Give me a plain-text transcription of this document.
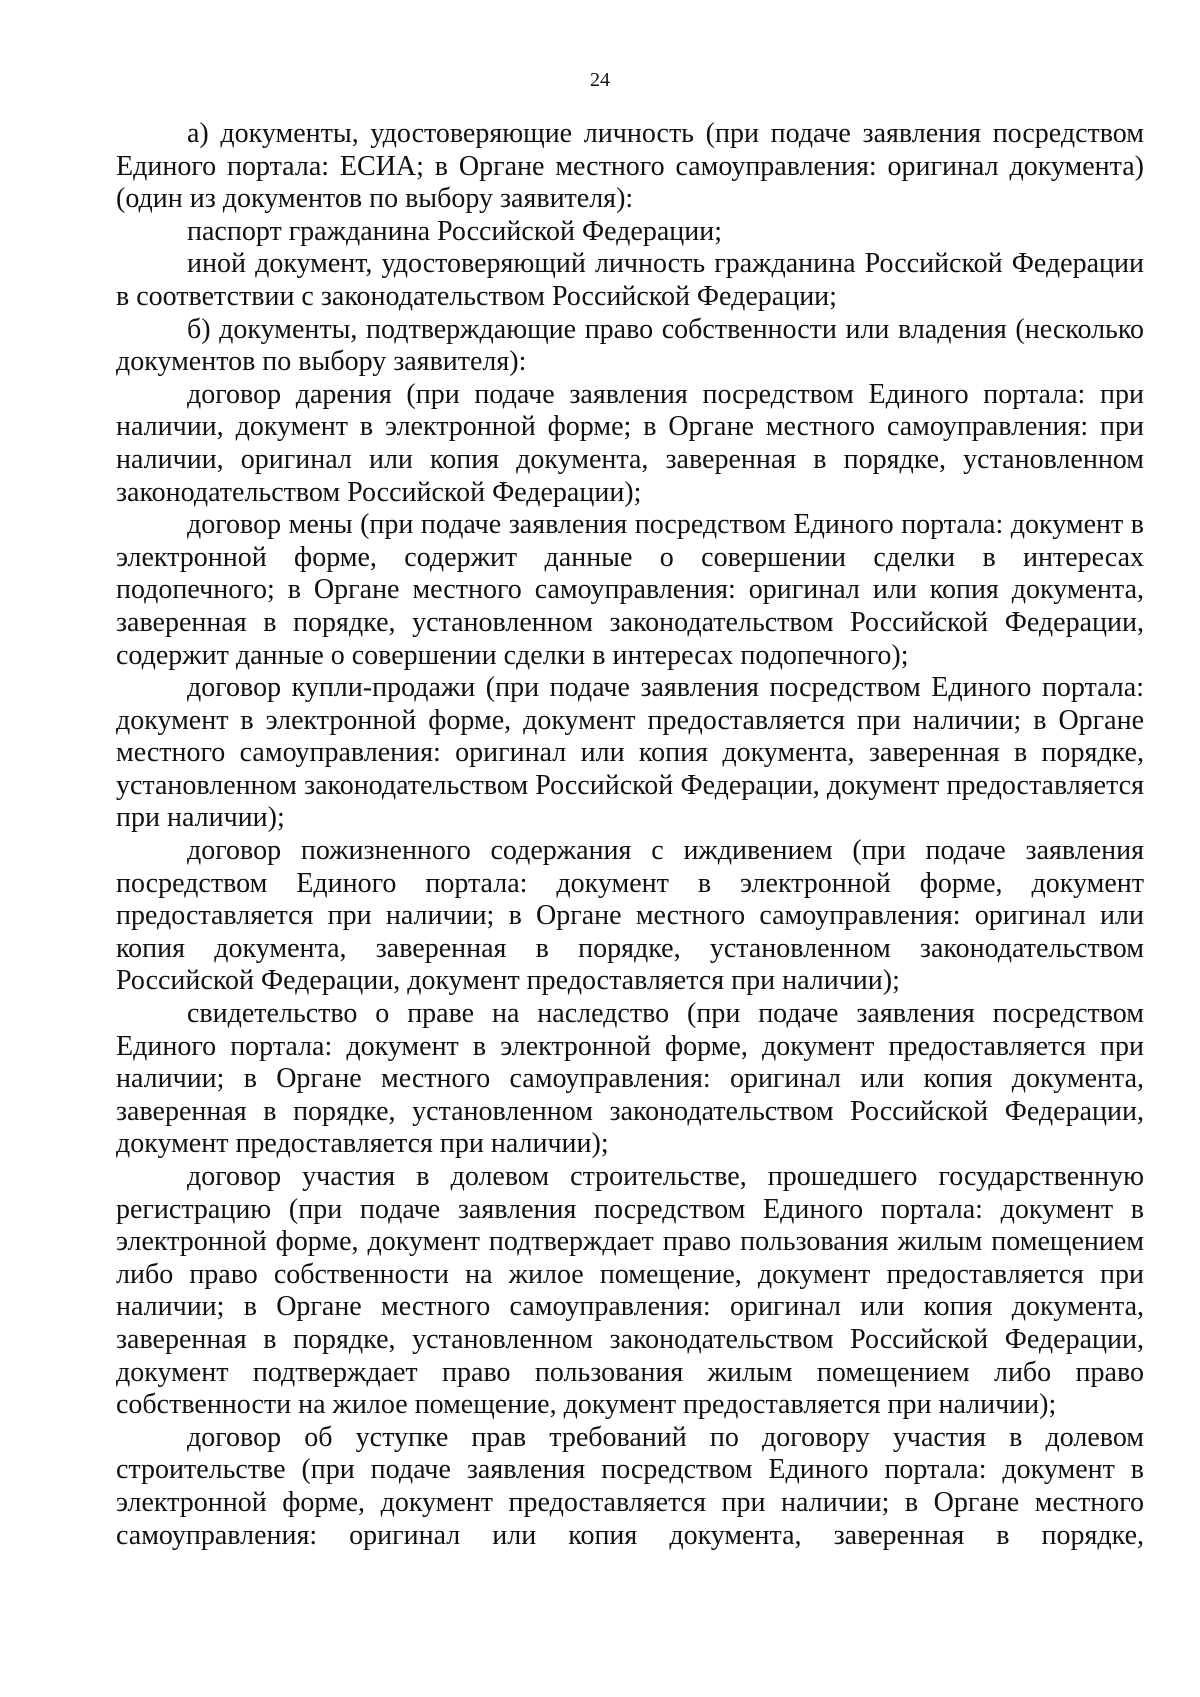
24

а) документы, удостоверяющие личность (при подаче заявления посредством Единого портала: ЕСИА; в Органе местного самоуправления: оригинал документа) (один из документов по выбору заявителя):

паспорт гражданина Российской Федерации;

иной документ, удостоверяющий личность гражданина Российской Федерации в соответствии с законодательством Российской Федерации;

б) документы, подтверждающие право собственности или владения (несколько документов по выбору заявителя):

договор дарения (при подаче заявления посредством Единого портала: при наличии, документ в электронной форме; в Органе местного самоуправления: при наличии, оригинал или копия документа, заверенная в порядке, установленном законодательством Российской Федерации);

договор мены (при подаче заявления посредством Единого портала: документ в электронной форме, содержит данные о совершении сделки в интересах подопечного; в Органе местного самоуправления: оригинал или копия документа, заверенная в порядке, установленном законодательством Российской Федерации, содержит данные о совершении сделки в интересах подопечного);

договор купли-продажи (при подаче заявления посредством Единого портала: документ в электронной форме, документ предоставляется при наличии; в Органе местного самоуправления: оригинал или копия документа, заверенная в порядке, установленном законодательством Российской Федерации, документ предоставляется при наличии);

договор пожизненного содержания с иждивением (при подаче заявления посредством Единого портала: документ в электронной форме, документ предоставляется при наличии; в Органе местного самоуправления: оригинал или копия документа, заверенная в порядке, установленном законодательством Российской Федерации, документ предоставляется при наличии);

свидетельство о праве на наследство (при подаче заявления посредством Единого портала: документ в электронной форме, документ предоставляется при наличии; в Органе местного самоуправления: оригинал или копия документа, заверенная в порядке, установленном законодательством Российской Федерации, документ предоставляется при наличии);

договор участия в долевом строительстве, прошедшего государственную регистрацию (при подаче заявления посредством Единого портала: документ в электронной форме, документ подтверждает право пользования жилым помещением либо право собственности на жилое помещение, документ предоставляется при наличии; в Органе местного самоуправления: оригинал или копия документа, заверенная в порядке, установленном законодательством Российской Федерации, документ подтверждает право пользования жилым помещением либо право собственности на жилое помещение, документ предоставляется при наличии);

договор об уступке прав требований по договору участия в долевом строительстве (при подаче заявления посредством Единого портала: документ в электронной форме, документ предоставляется при наличии; в Органе местного самоуправления: оригинал или копия документа, заверенная в порядке,
